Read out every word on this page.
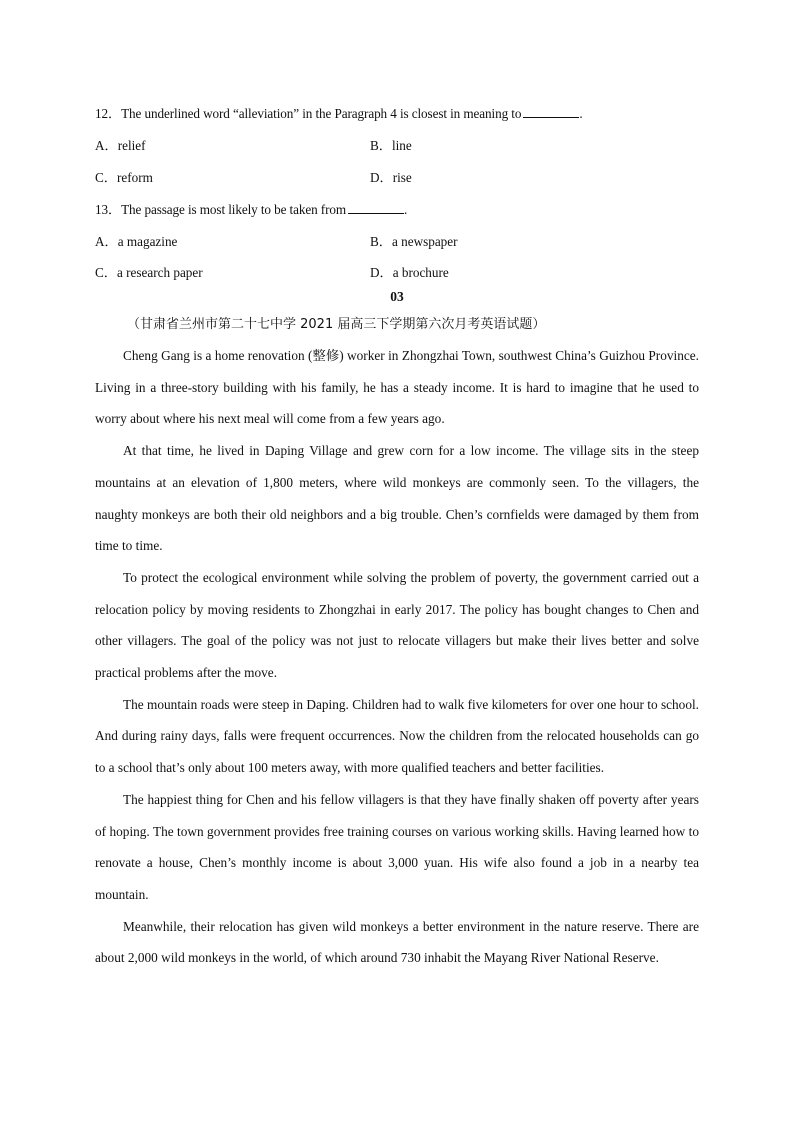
12．The underlined word “alleviation” in the Paragraph 4 is closest in meaning to	.
A．relief	B．line
C．reform	D．rise
13．The passage is most likely to be taken from	.
A．a magazine	B．a newspaper
C．a research paper	D．a brochure
03
（甘肃省兰州市第二十七中学 2021 届高三下学期第六次月考英语试题）

Cheng Gang is a home renovation (整修) worker in Zhongzhai Town, southwest China’s Guizhou Province. Living in a three-story building with his family, he has a steady income. It is hard to imagine that he used to worry about where his next meal will come from a few years ago.

At that time, he lived in Daping Village and grew corn for a low income. The village sits in the steep mountains at an elevation of 1,800 meters, where wild monkeys are commonly seen. To the villagers, the naughty monkeys are both their old neighbors and a big trouble. Chen’s cornfields were damaged by them from time to time.

To protect the ecological environment while solving the problem of poverty, the government carried out a relocation policy by moving residents to Zhongzhai in early 2017. The policy has bought changes to Chen and other villagers. The goal of the policy was not just to relocate villagers but make their lives better and solve practical problems after the move.

The mountain roads were steep in Daping. Children had to walk five kilometers for over one hour to school. And during rainy days, falls were frequent occurrences. Now the children from the relocated households can go to a school that’s only about 100 meters away, with more qualified teachers and better facilities.

The happiest thing for Chen and his fellow villagers is that they have finally shaken off poverty after years of hoping. The town government provides free training courses on various working skills. Having learned how to renovate a house, Chen’s monthly income is about 3,000 yuan. His wife also found a job in a nearby tea mountain.

Meanwhile, their relocation has given wild monkeys a better environment in the nature reserve. There are about 2,000 wild monkeys in the world, of which around 730 inhabit the Mayang River National Reserve.
